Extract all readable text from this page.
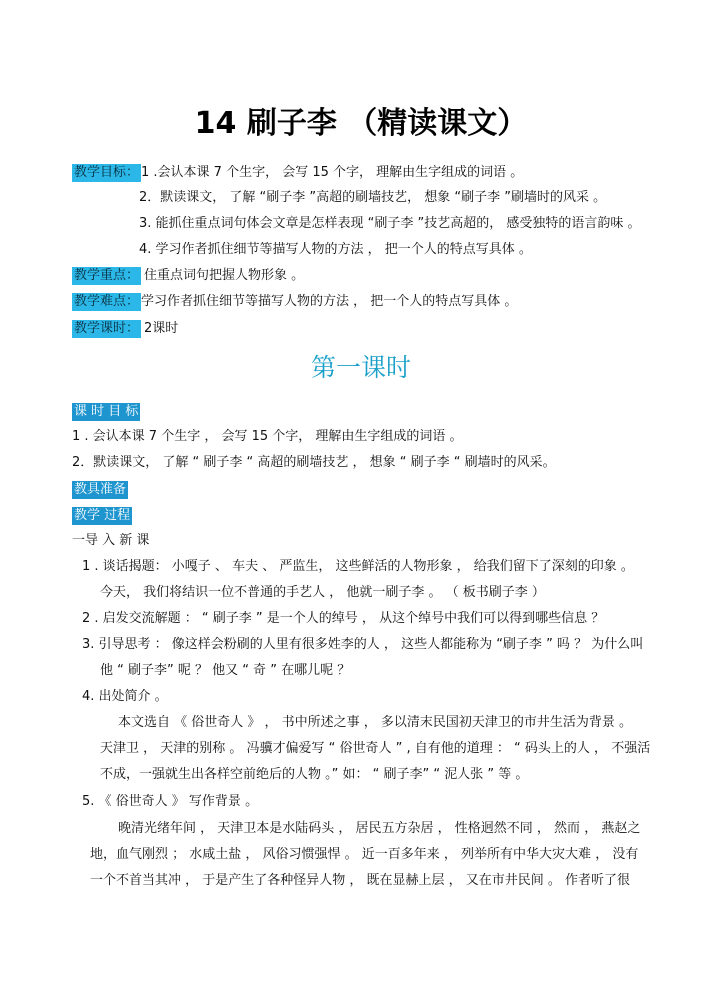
14 刷子李 （精读课文）
教学目标： 1 .会认本课 7 个生字， 会写 15 个字， 理解由生字组成的词语 。
2．默读课文， 了解 “刷子李 ”高超的刷墙技艺， 想象 “刷子李 ”刷墙时的风采 。
3. 能抓住重点词句体会文章是怎样表现 “刷子李 ”技艺高超的， 感受独特的语言韵味 。
4. 学习作者抓住细节等描写人物的方法 ， 把一个人的特点写具体 。
教学重点： 住重点词句把握人物形象 。
教学难点： 学习作者抓住细节等描写人物的方法 ， 把一个人的特点写具体 。
教学课时： 2课时
第一课时
课 时 目 标
1 . 会认本课 7 个生字 ， 会写 15 个字， 理解由生字组成的词语 。
2．默读课文， 了解 “ 刷子李 “ 高超的刷墙技艺 ， 想象 “ 刷子李 “ 刷墙时的风采。
教具准备
教学 过程
一导 入 新 课
1 . 谈话揭题： 小嘎子 、 车夫 、 严监生， 这些鲜活的人物形象 ， 给我们留下了深刻的印象 。
今天， 我们将结识一位不普通的手艺人 ， 他就一刷子李 。 （ 板书刷子李 ）
2 . 启发交流解题 ： “ 刷子李 ” 是一个人的绰号 ， 从这个绰号中我们可以得到哪些信息 ？
3. 引导思考 ： 像这样会粉刷的人里有很多姓李的人 ， 这些人都能称为 “刷子李 ” 吗 ？ 为什么叫
他 “ 刷子李” 呢 ？ 他又 “ 奇 ” 在哪儿呢 ？
4. 出处简介 。
本文选自 《 俗世奇人 》 ， 书中所述之事 ， 多以清末民国初天津卫的市井生活为背景 。
天津卫 ， 天津的别称 。 冯骥才偏爱写 “ 俗世奇人 ” , 自有他的道理 ： “ 码头上的人 ， 不强活
不成，一强就生出各样空前绝后的人物 。” 如： “ 刷子李” “ 泥人张 ” 等 。
5. 《 俗世奇人 》 写作背景 。
晚清光绪年间 ， 天津卫本是水陆码头 ， 居民五方杂居 ， 性格迥然不同 ， 然而 ， 燕赵之
地，血气刚烈 ； 水咸土盐 ， 风俗习惯强悍 。 近一百多年来 ， 列举所有中华大灾大难 ， 没有
一个不首当其冲 ， 于是产生了各种怪异人物 ， 既在显赫上层 ， 又在市井民间 。 作者听了很
